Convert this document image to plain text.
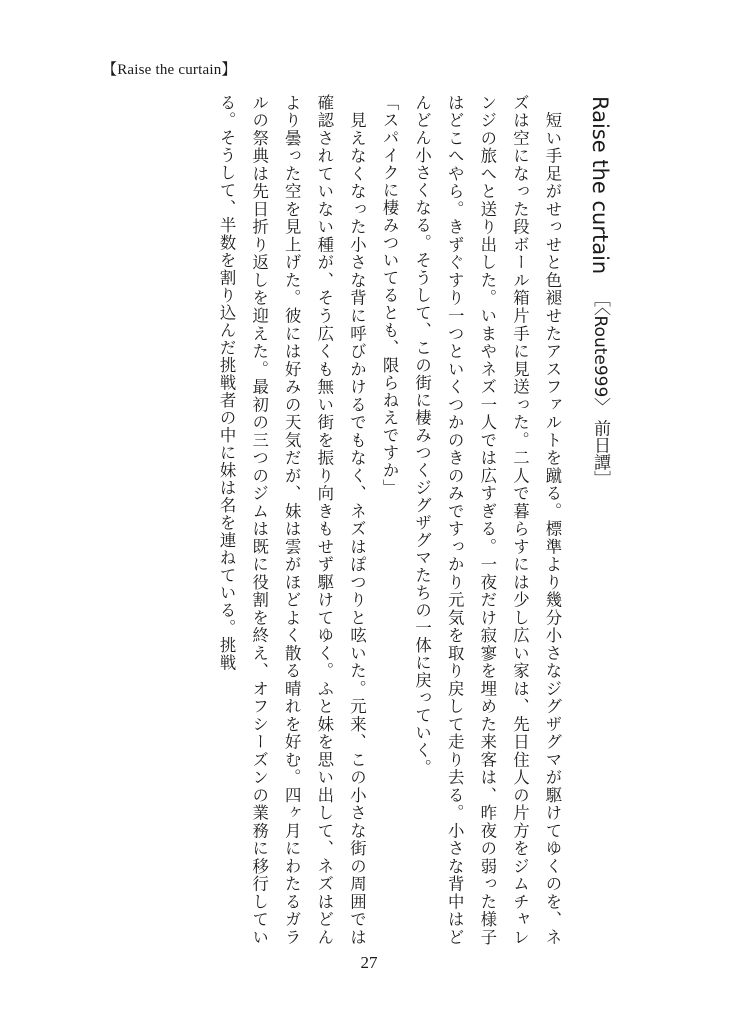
【Raise the curtain】
Raise the curtain［〈Route999〉 前日譚］

　短い手足がせっせと色褪せたアスファルトを蹴る。標準より幾分小さなジグザグマが駆けてゆくのを、ネズは空になった段ボール箱片手に見送った。二人で暮らすには少し広い家は、先日住人の片方をジムチャレンジの旅へと送り出した。いまやネズ一人では広すぎる。一夜だけ寂寥を埋めた来客は、昨夜の弱った様子はどこへやら。きずぐすり一つといくつかのきのみですっかり元気を取り戻して走り去る。小さな背中はどんどん小さくなる。そうして、この街に棲みつくジグザグマたちの一体に戻っていく。

「スパイクに棲みついてるとも、限らねえですか」

　見えなくなった小さな背に呼びかけるでもなく、ネズはぽつりと呟いた。元来、この小さな街の周囲では確認されていない種が、そう広くも無い街を振り向きもせず駆けてゆく。ふと妹を思い出して、ネズはどんより曇った空を見上げた。彼には好みの天気だが、妹は雲がほどよく散る晴れを好む。四ヶ月にわたるガラルの祭典は先日折り返しを迎えた。最初の三つのジムは既に役割を終え、オフシーズンの業務に移行している。そうして、半数を割り込んだ挑戦者の中に妹は名を連ねている。挑戦

27
